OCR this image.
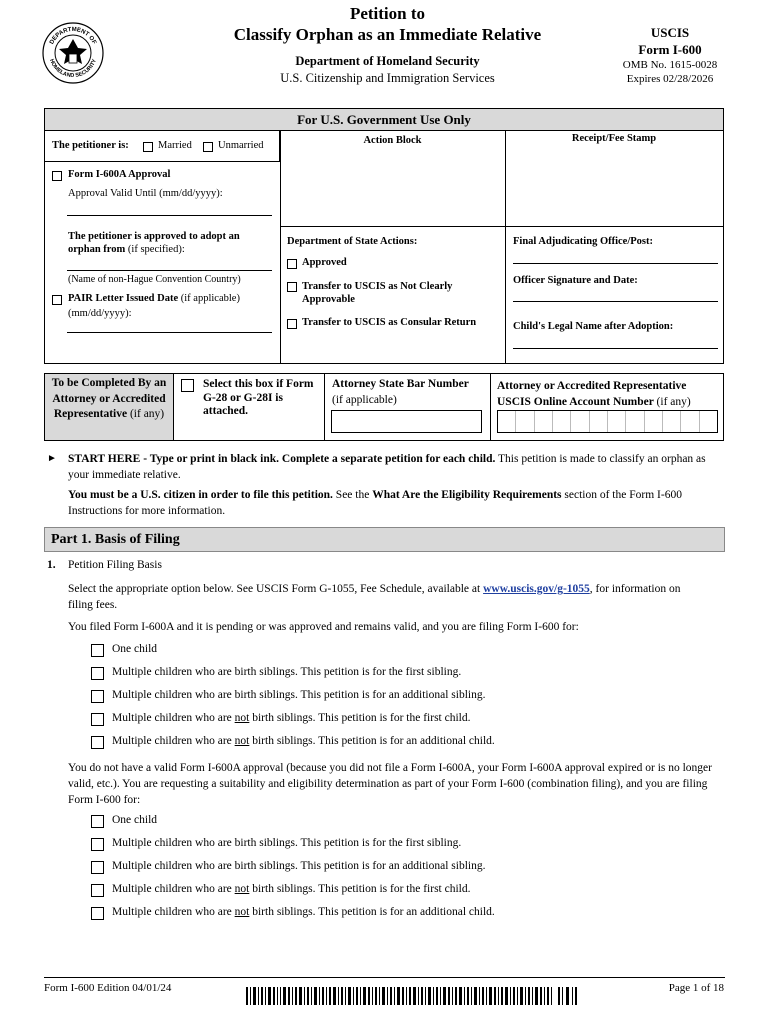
DEPARTMENT OF
HOMELAND SECURITY
Petition to
Classify Orphan as an Immediate Relative
Department of Homeland Security
U.S. Citizenship and Immigration Services
USCIS
Form I-600
OMB No. 1615-0028
Expires 02/28/2026
For U.S. Government Use Only
The petitioner is:	Married Unmarried
Form I-600A Approval
Approval Valid Until (mm/dd/yyyy):
The petitioner is approved to adopt an orphan from (if specified):
(Name of non-Hague Convention Country)
PAIR Letter Issued Date (if applicable)
(mm/dd/yyyy):
Action Block	Receipt/Fee Stamp
Department of State Actions:
Approved
Transfer to USCIS as Not Clearly Approvable
Transfer to USCIS as Consular Return
Final Adjudicating Office/Post:
Officer Signature and Date:
Child's Legal Name after Adoption:
To be Completed By an Attorney or Accredited Representative (if any)
Select this box if Form G-28 or G-28I is attached.
Attorney State Bar Number
(if applicable)
Attorney or Accredited Representative USCIS Online Account Number (if any)
► START HERE - Type or print in black ink. Complete a separate petition for each child. This petition is made to classify an orphan as your immediate relative.
You must be a U.S. citizen in order to file this petition. See the What Are the Eligibility Requirements section of the Form I-600 Instructions for more information.
Part 1. Basis of Filing
1. Petition Filing Basis
Select the appropriate option below. See USCIS Form G-1055, Fee Schedule, available at www.uscis.gov/g-1055, for information on filing fees.
You filed Form I-600A and it is pending or was approved and remains valid, and you are filing Form I-600 for:
One child
Multiple children who are birth siblings. This petition is for the first sibling.
Multiple children who are birth siblings. This petition is for an additional sibling.
Multiple children who are not birth siblings. This petition is for the first child.
Multiple children who are not birth siblings. This petition is for an additional child.
You do not have a valid Form I-600A approval (because you did not file a Form I-600A, your Form I-600A approval expired or is no longer valid, etc.). You are requesting a suitability and eligibility determination as part of your Form I-600 (combination filing), and you are filing Form I-600 for:
One child
Multiple children who are birth siblings. This petition is for the first sibling.
Multiple children who are birth siblings. This petition is for an additional sibling.
Multiple children who are not birth siblings. This petition is for the first child.
Multiple children who are not birth siblings. This petition is for an additional child.
Form I-600 Edition 04/01/24	Page 1 of 18
